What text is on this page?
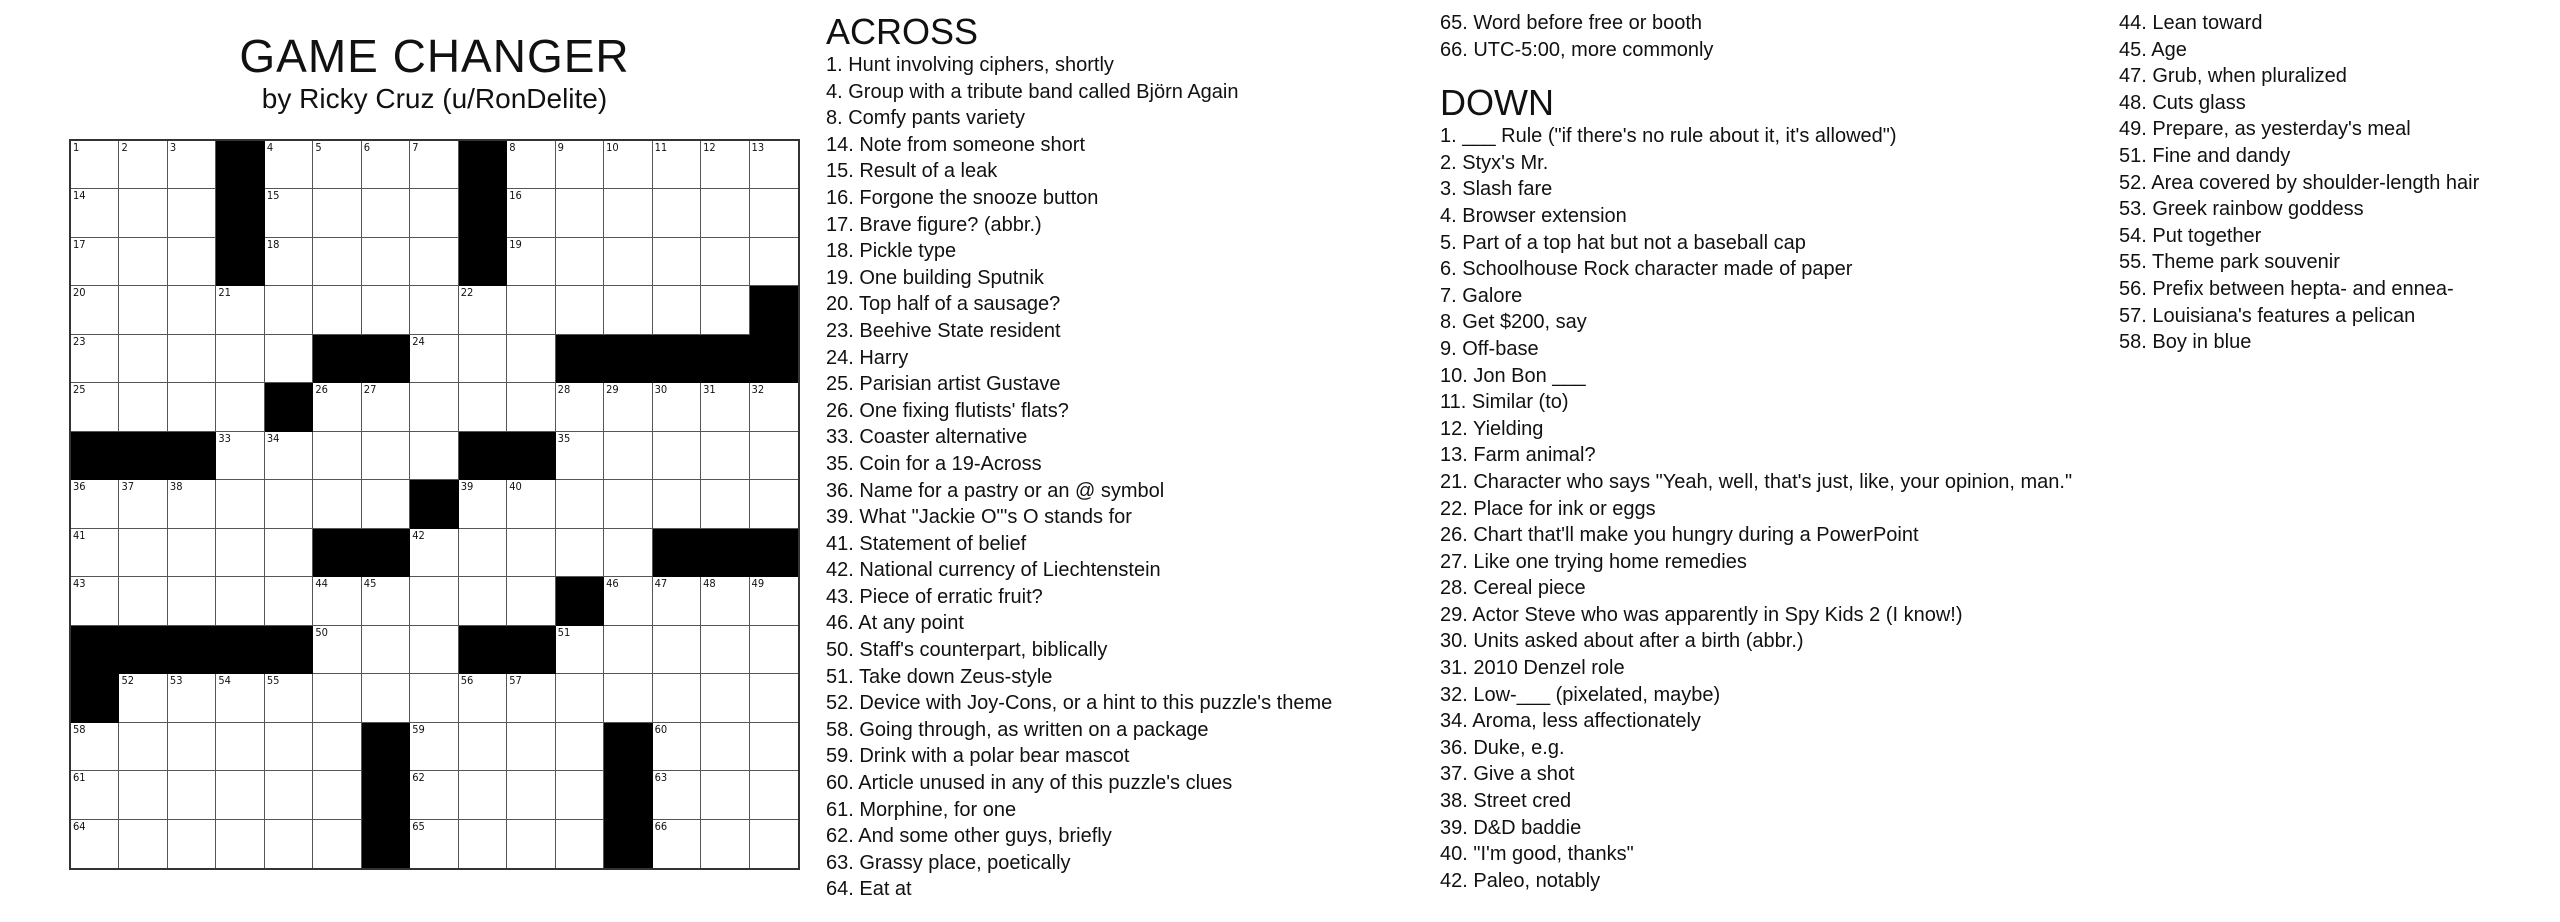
GAME CHANGER
by Ricky Cruz (u/RonDelite)
1	2	3	4	5	6	7	8	9	10	11	12	13
14	15	16
17	18	19
20	21	22
23	24
25	26	27	28	29	30	31	32
33	34	35
36	37	38	39	40
41	42
43	44	45	46	47	48	49
50	51
52	53	54	55	56	57
58	59	60
61	62	63
64	65	66
ACROSS
1. Hunt involving ciphers, shortly
4. Group with a tribute band called Björn Again
8. Comfy pants variety
14. Note from someone short
15. Result of a leak
16. Forgone the snooze button
17. Brave figure? (abbr.)
18. Pickle type
19. One building Sputnik
20. Top half of a sausage?
23. Beehive State resident
24. Harry
25. Parisian artist Gustave
26. One fixing flutists' flats?
33. Coaster alternative
35. Coin for a 19-Across
36. Name for a pastry or an @ symbol
39. What "Jackie O"'s O stands for
41. Statement of belief
42. National currency of Liechtenstein
43. Piece of erratic fruit?
46. At any point
50. Staff's counterpart, biblically
51. Take down Zeus-style
52. Device with Joy-Cons, or a hint to this puzzle's theme
58. Going through, as written on a package
59. Drink with a polar bear mascot
60. Article unused in any of this puzzle's clues
61. Morphine, for one
62. And some other guys, briefly
63. Grassy place, poetically
64. Eat at
65. Word before free or booth
66. UTC-5:00, more commonly
DOWN
1. ___ Rule ("if there's no rule about it, it's allowed")
2. Styx's Mr.
3. Slash fare
4. Browser extension
5. Part of a top hat but not a baseball cap
6. Schoolhouse Rock character made of paper
7. Galore
8. Get $200, say
9. Off-base
10. Jon Bon ___
11. Similar (to)
12. Yielding
13. Farm animal?
21. Character who says "Yeah, well, that's just, like, your opinion, man."
22. Place for ink or eggs
26. Chart that'll make you hungry during a PowerPoint
27. Like one trying home remedies
28. Cereal piece
29. Actor Steve who was apparently in Spy Kids 2 (I know!)
30. Units asked about after a birth (abbr.)
31. 2010 Denzel role
32. Low-___ (pixelated, maybe)
34. Aroma, less affectionately
36. Duke, e.g.
37. Give a shot
38. Street cred
39. D&D baddie
40. "I'm good, thanks"
42. Paleo, notably
44. Lean toward
45. Age
47. Grub, when pluralized
48. Cuts glass
49. Prepare, as yesterday's meal
51. Fine and dandy
52. Area covered by shoulder-length hair
53. Greek rainbow goddess
54. Put together
55. Theme park souvenir
56. Prefix between hepta- and ennea-
57. Louisiana's features a pelican
58. Boy in blue
